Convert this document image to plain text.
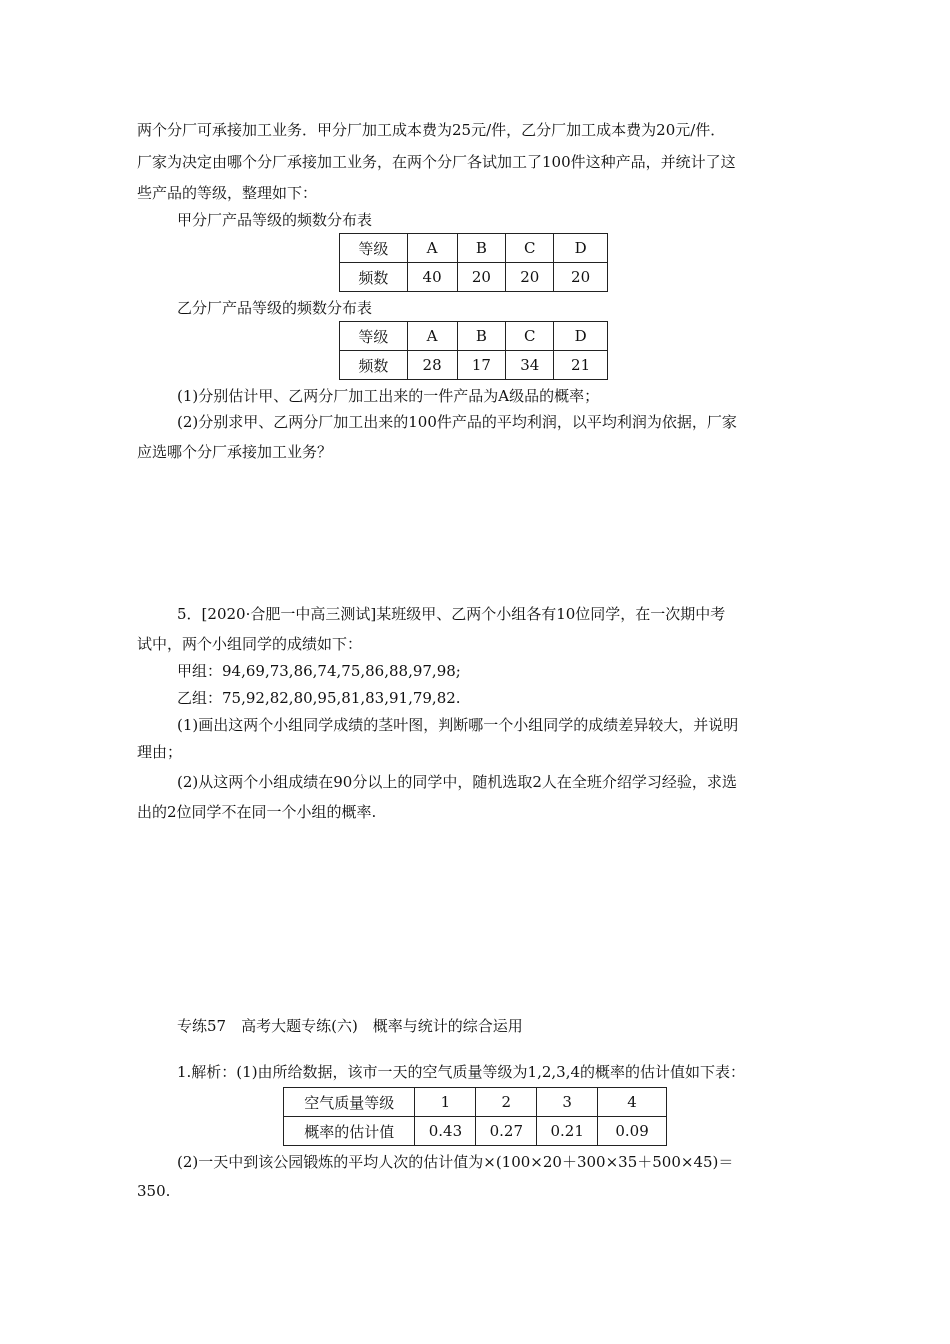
两个分厂可承接加工业务．甲分厂加工成本费为25元/件，乙分厂加工成本费为20元/件．
厂家为决定由哪个分厂承接加工业务，在两个分厂各试加工了100件这种产品，并统计了这
些产品的等级，整理如下：
甲分厂产品等级的频数分布表
等级	A	B	C	D
频数	40	20	20	20
乙分厂产品等级的频数分布表
等级	A	B	C	D
频数	28	17	34	21
(1)分别估计甲、乙两分厂加工出来的一件产品为A级品的概率；
(2)分别求甲、乙两分厂加工出来的100件产品的平均利润，以平均利润为依据，厂家
应选哪个分厂承接加工业务？
5．[2020·合肥一中高三测试]某班级甲、乙两个小组各有10位同学，在一次期中考
试中，两个小组同学的成绩如下：
甲组：94,69,73,86,74,75,86,88,97,98;
乙组：75,92,82,80,95,81,83,91,79,82.
(1)画出这两个小组同学成绩的茎叶图，判断哪一个小组同学的成绩差异较大，并说明
理由；
(2)从这两个小组成绩在90分以上的同学中，随机选取2人在全班介绍学习经验，求选
出的2位同学不在同一个小组的概率.
专练57　高考大题专练(六)　概率与统计的综合运用
1.解析：(1)由所给数据，该市一天的空气质量等级为1,2,3,4的概率的估计值如下表：
空气质量等级	1	2	3	4
概率的估计值	0.43	0.27	0.21	0.09
(2)一天中到该公园锻炼的平均人次的估计值为×(100×20＋300×35＋500×45)＝
350.
